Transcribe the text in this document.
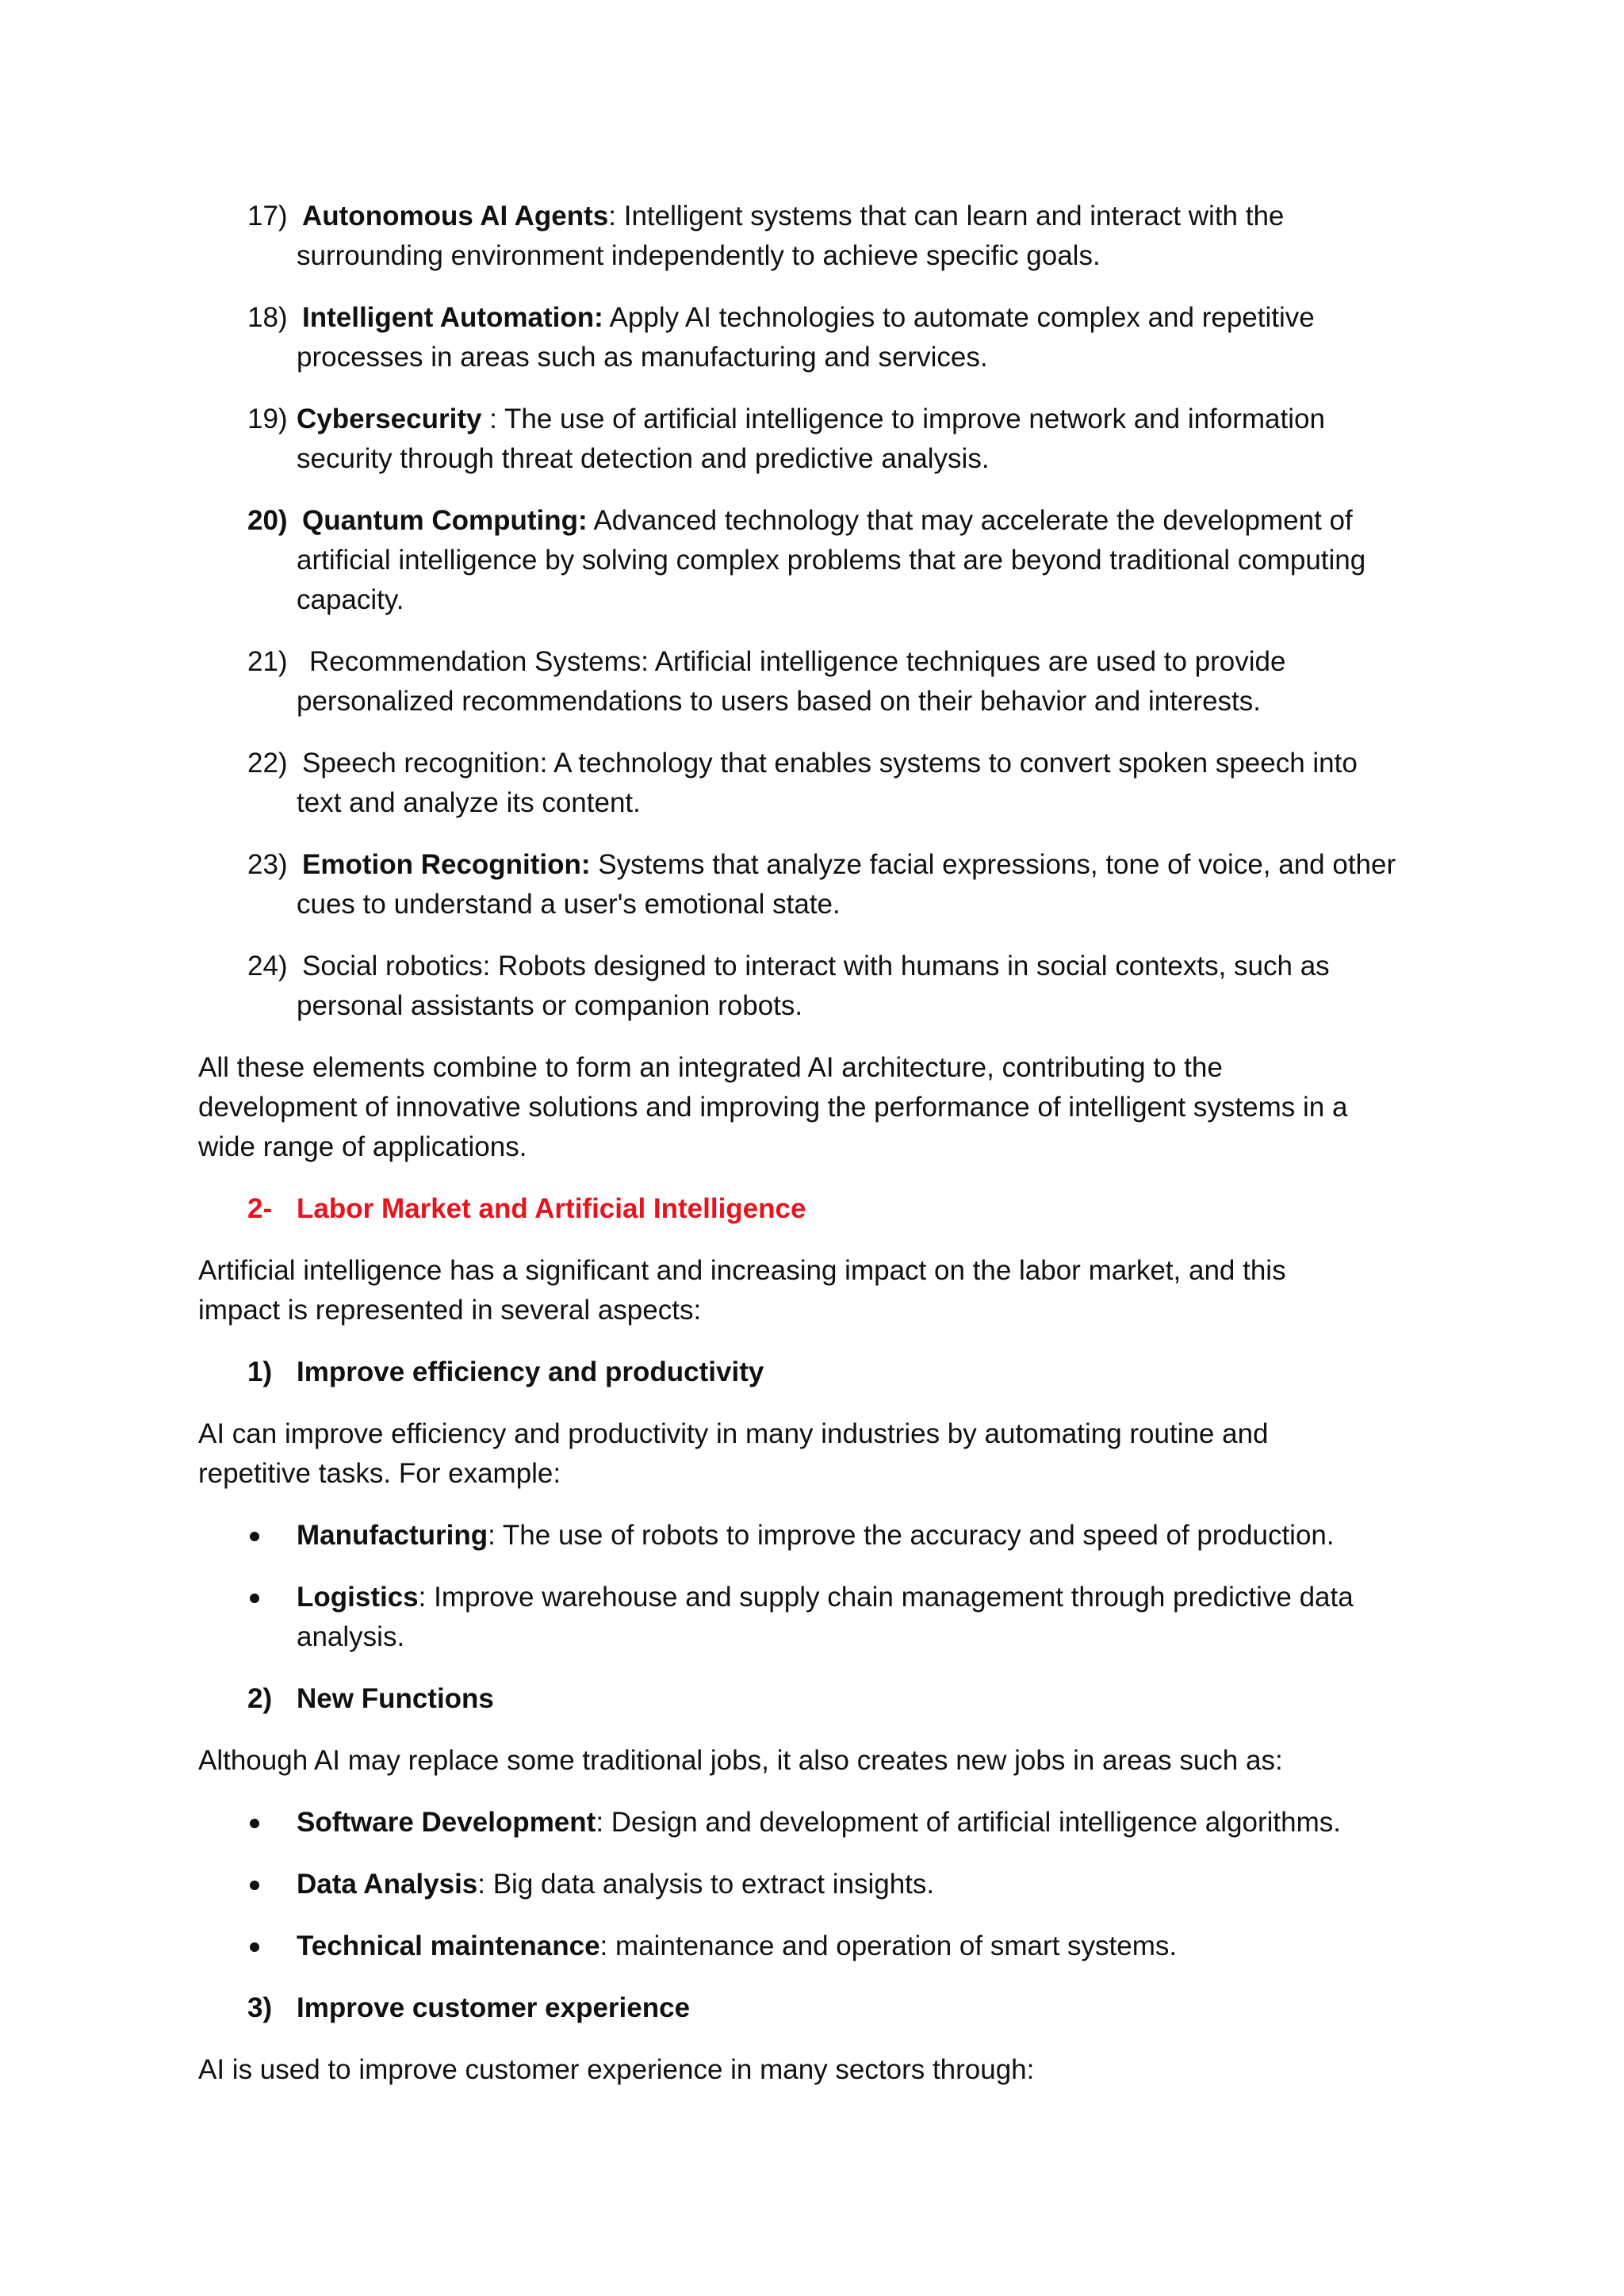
17) Autonomous AI Agents: Intelligent systems that can learn and interact with the
surrounding environment independently to achieve specific goals.
18) Intelligent Automation: Apply AI technologies to automate complex and repetitive
processes in areas such as manufacturing and services.
19) Cybersecurity : The use of artificial intelligence to improve network and information
security through threat detection and predictive analysis.
20) Quantum Computing: Advanced technology that may accelerate the development of
artificial intelligence by solving complex problems that are beyond traditional computing
capacity.
21) Recommendation Systems: Artificial intelligence techniques are used to provide
personalized recommendations to users based on their behavior and interests.
22) Speech recognition: A technology that enables systems to convert spoken speech into
text and analyze its content.
23) Emotion Recognition: Systems that analyze facial expressions, tone of voice, and other
cues to understand a user's emotional state.
24) Social robotics: Robots designed to interact with humans in social contexts, such as
personal assistants or companion robots.
All these elements combine to form an integrated AI architecture, contributing to the
development of innovative solutions and improving the performance of intelligent systems in a
wide range of applications.
2- Labor Market and Artificial Intelligence
Artificial intelligence has a significant and increasing impact on the labor market, and this
impact is represented in several aspects:
1) Improve efficiency and productivity
AI can improve efficiency and productivity in many industries by automating routine and
repetitive tasks. For example:
Manufacturing: The use of robots to improve the accuracy and speed of production.
Logistics: Improve warehouse and supply chain management through predictive data
analysis.
2) New Functions
Although AI may replace some traditional jobs, it also creates new jobs in areas such as:
Software Development: Design and development of artificial intelligence algorithms.
Data Analysis: Big data analysis to extract insights.
Technical maintenance: maintenance and operation of smart systems.
3) Improve customer experience
AI is used to improve customer experience in many sectors through:
